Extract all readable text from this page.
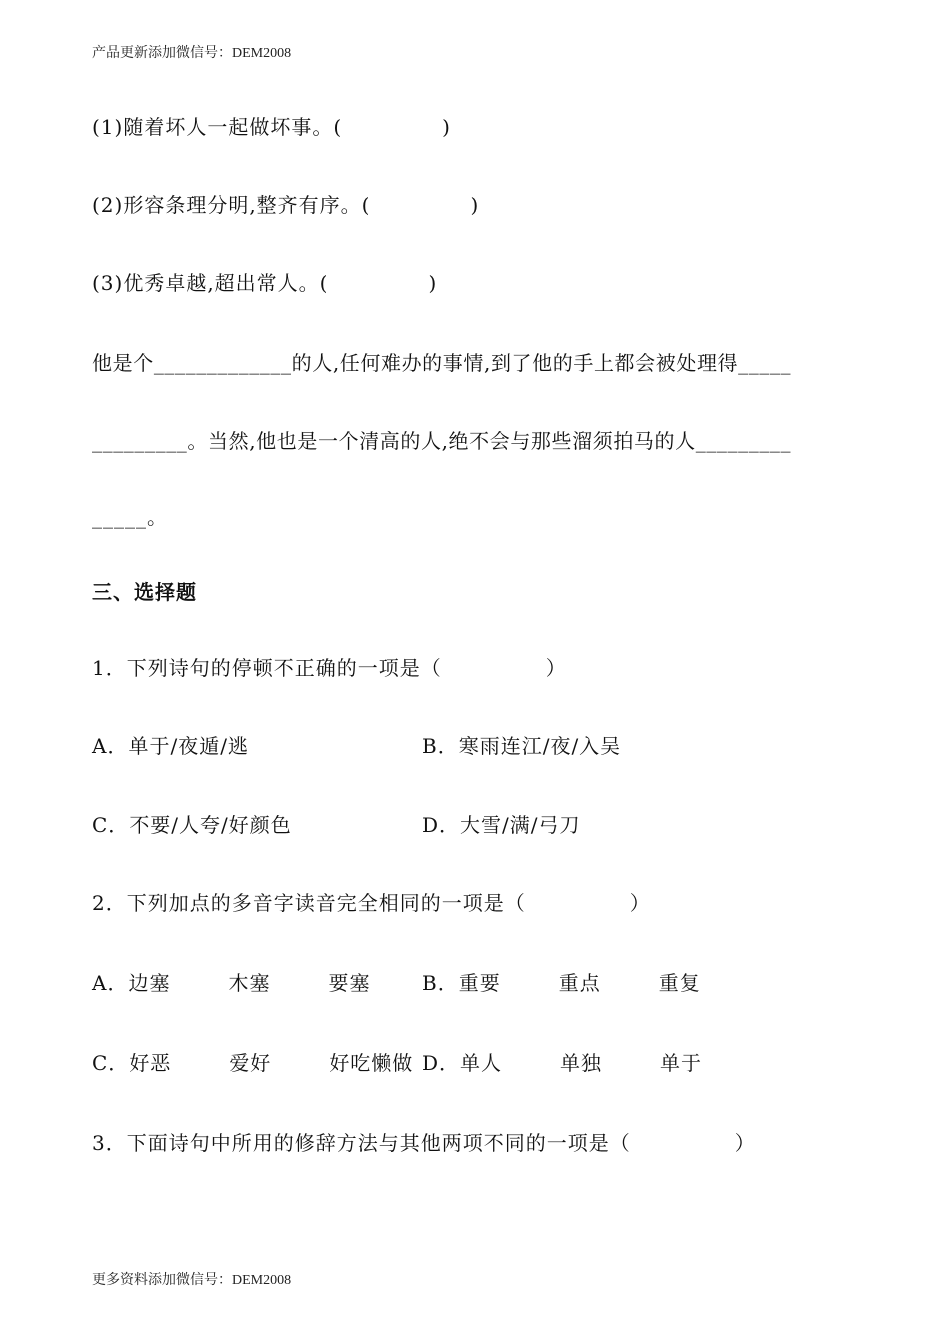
产品更新添加微信号：DEM2008
(1)随着坏人一起做坏事。(	)
(2)形容条理分明,整齐有序。(	)
(3)优秀卓越,超出常人。(	)
他是个_____________的人,任何难办的事情,到了他的手上都会被处理得_____
_________。当然,他也是一个清高的人,绝不会与那些溜须拍马的人_________
_____。
三、选择题
1．下列诗句的停顿不正确的一项是（	）
A．单于/夜遁/逃	B．寒雨连江/夜/入吴
C．不要/人夸/好颜色	D．大雪/满/弓刀
2．下列加点的多音字读音完全相同的一项是（	）
A．边塞	木塞	要塞	B．重要	重点	重复
C．好恶	爱好	好吃懒做 D．单人	单独	单于
3．下面诗句中所用的修辞方法与其他两项不同的一项是（	）
更多资料添加微信号：DEM2008
